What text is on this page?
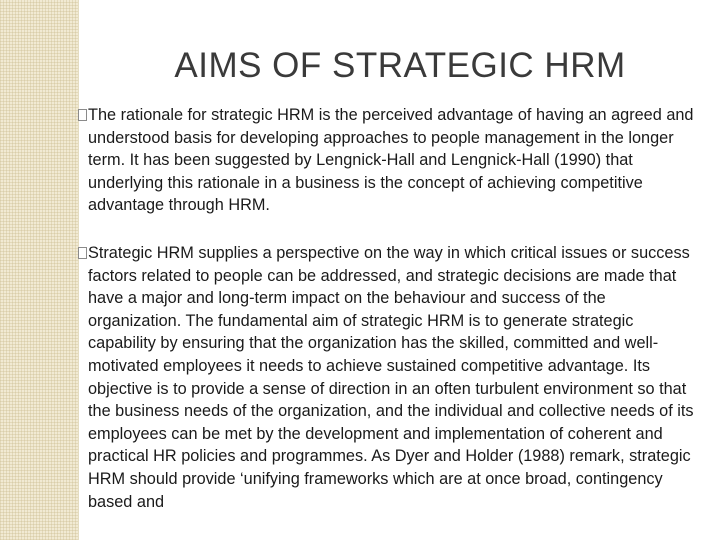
AIMS OF STRATEGIC HRM
The rationale for strategic HRM is the perceived advantage of having an agreed and understood basis for developing approaches to people management in the longer term. It has been suggested by Lengnick-Hall and Lengnick-Hall (1990) that underlying this rationale in a business is the concept of achieving competitive advantage through HRM.
Strategic HRM supplies a perspective on the way in which critical issues or success factors related to people can be addressed, and strategic decisions are made that have a major and long-term impact on the behaviour and success of the organization. The fundamental aim of strategic HRM is to generate strategic capability by ensuring that the organization has the skilled, committed and well-motivated employees it needs to achieve sustained competitive advantage. Its objective is to provide a sense of direction in an often turbulent environment so that the business needs of the organization, and the individual and collective needs of its employees can be met by the development and implementation of coherent and practical HR policies and programmes. As Dyer and Holder (1988) remark, strategic HRM should provide ‘unifying frameworks which are at once broad, contingency based and
